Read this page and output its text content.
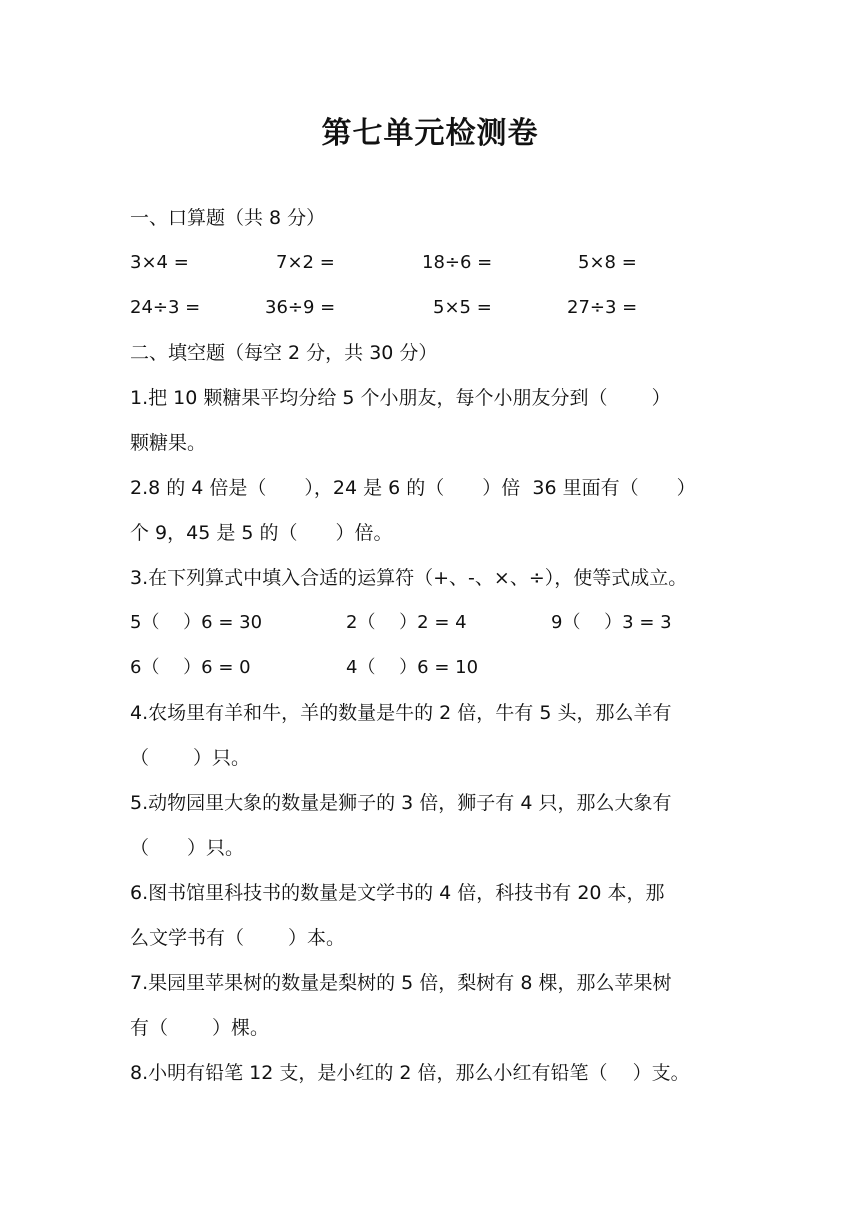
第七单元检测卷
一、口算题（共 8 分）
3×4 =	7×2 =	18÷6 =	5×8 =
24÷3 =	36÷9 =	5×5 =	27÷3 =
二、填空题（每空 2 分，共 30 分）
1.把 10 颗糖果平均分给 5 个小朋友，每个小朋友分到（　　 ）
颗糖果。
2.8 的 4 倍是（　　），24 是 6 的（　　）倍  36 里面有（　　）
个 9，45 是 5 的（　　）倍。
3.在下列算式中填入合适的运算符（+、-、×、÷），使等式成立。
5（　 ）6 = 30	2（　 ）2 = 4	9（　 ）3 = 3
6（　 ）6 = 0	4（　 ）6 = 10
4.农场里有羊和牛，羊的数量是牛的 2 倍，牛有 5 头，那么羊有
（　　 ）只。
5.动物园里大象的数量是狮子的 3 倍，狮子有 4 只，那么大象有
（　　）只。
6.图书馆里科技书的数量是文学书的 4 倍，科技书有 20 本，那
么文学书有（　　 ）本。
7.果园里苹果树的数量是梨树的 5 倍，梨树有 8 棵，那么苹果树
有（　　 ）棵。
8.小明有铅笔 12 支，是小红的 2 倍，那么小红有铅笔（　 ）支。
